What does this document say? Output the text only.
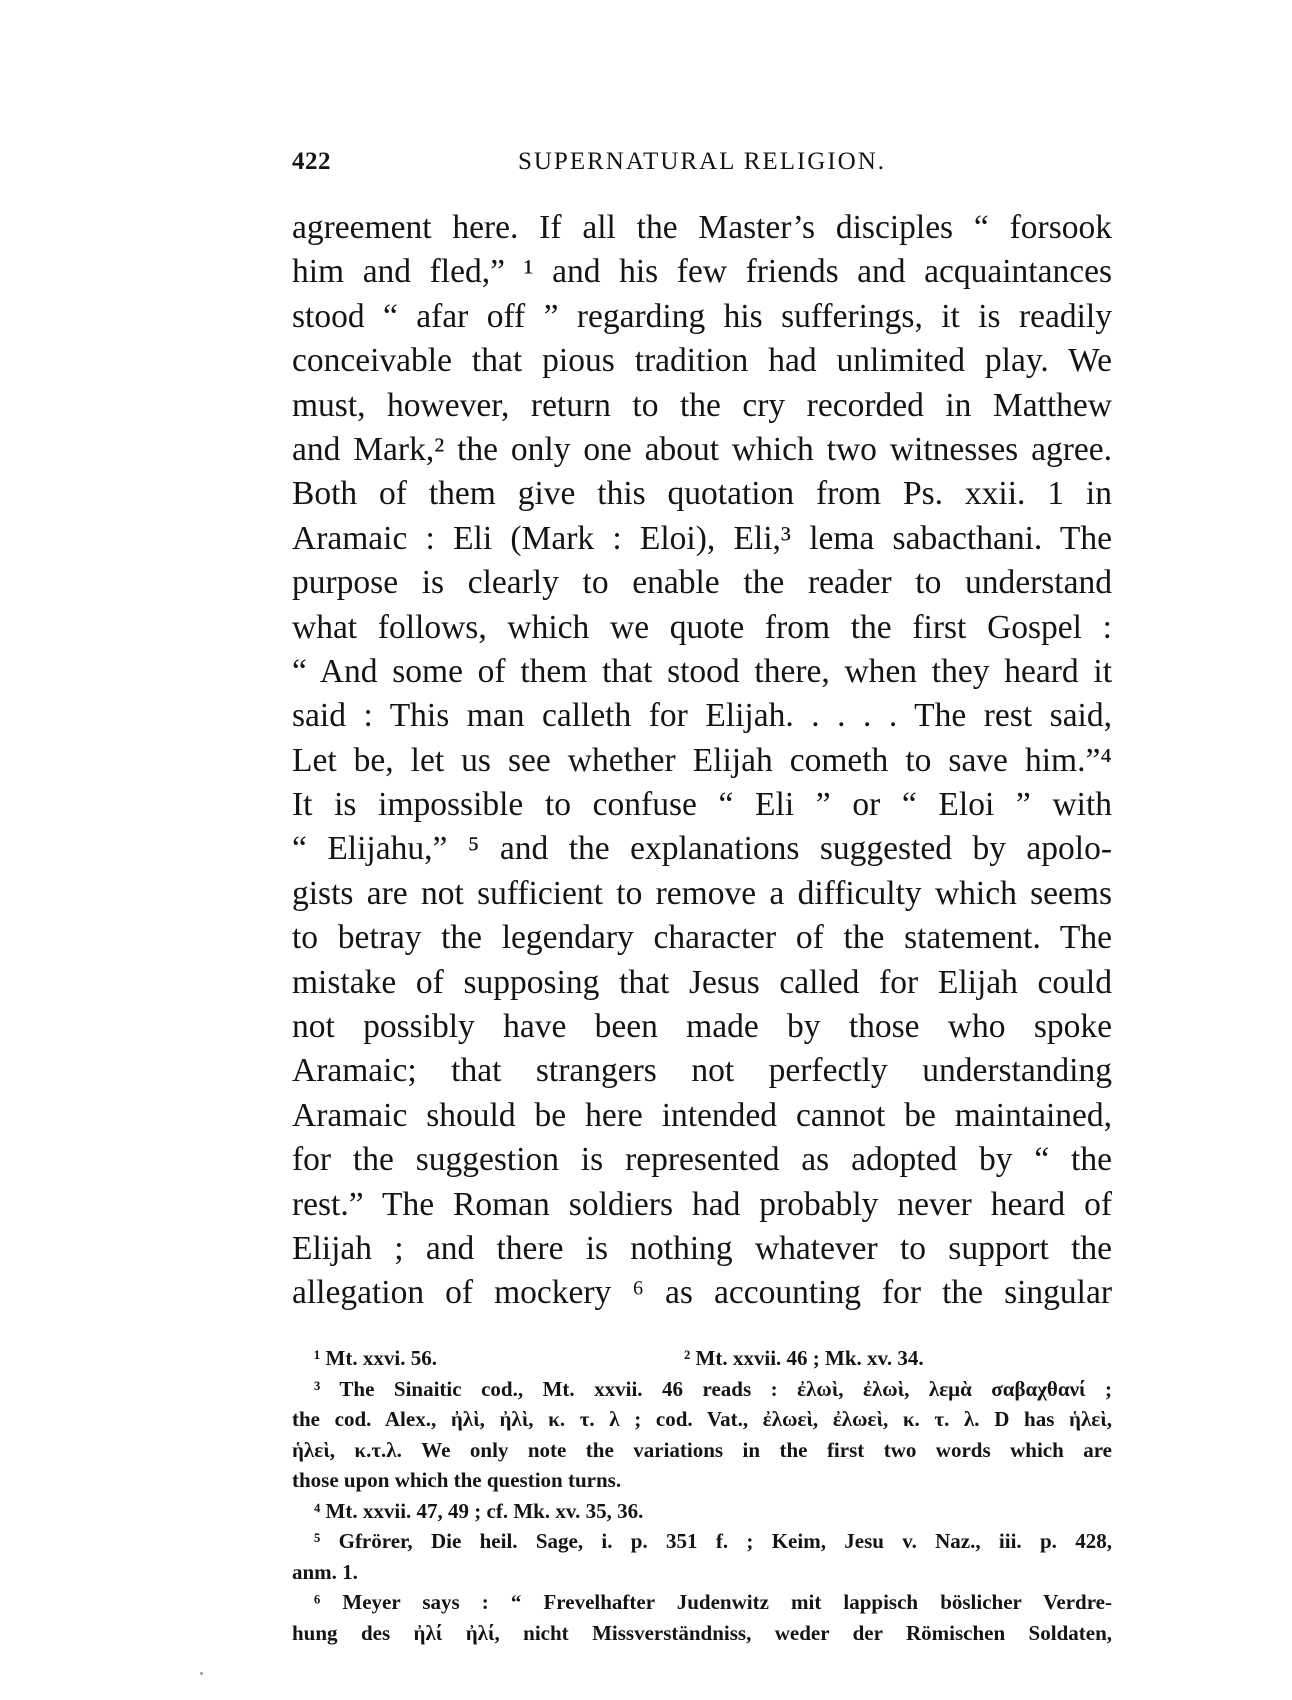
422	SUPERNATURAL RELIGION.
agreement here. If all the Master’s disciples “ forsook
him and fled,” ¹ and his few friends and acquaintances
stood “ afar off ” regarding his sufferings, it is readily
conceivable that pious tradition had unlimited play. We
must, however, return to the cry recorded in Matthew
and Mark,² the only one about which two witnesses agree.
Both of them give this quotation from Ps. xxii. 1 in
Aramaic : Eli (Mark : Eloi), Eli,³ lema sabacthani. The
purpose is clearly to enable the reader to understand
what follows, which we quote from the first Gospel :
“ And some of them that stood there, when they heard it
said : This man calleth for Elijah. . . . . The rest said,
Let be, let us see whether Elijah cometh to save him.”⁴
It is impossible to confuse “ Eli ” or “ Eloi ” with
“ Elijahu,” ⁵ and the explanations suggested by apolo-
gists are not sufficient to remove a difficulty which seems
to betray the legendary character of the statement. The
mistake of supposing that Jesus called for Elijah could
not possibly have been made by those who spoke
Aramaic; that strangers not perfectly understanding
Aramaic should be here intended cannot be maintained,
for the suggestion is represented as adopted by “ the
rest.” The Roman soldiers had probably never heard of
Elijah ; and there is nothing whatever to support the
allegation of mockery ⁶ as accounting for the singular
¹ Mt. xxvi. 56.	² Mt. xxvii. 46 ; Mk. xv. 34.
³ The Sinaitic cod., Mt. xxvii. 46 reads : ἐλωὶ, ἐλωὶ, λεμὰ σαβαχθανί ;
the cod. Alex., ἠλὶ, ἠλὶ, κ. τ. λ ; cod. Vat., ἐλωεὶ, ἐλωεὶ, κ. τ. λ. D has ἡλεὶ,
ἡλεὶ, κ.τ.λ. We only note the variations in the first two words which are
those upon which the question turns.
⁴ Mt. xxvii. 47, 49 ; cf. Mk. xv. 35, 36.
⁵ Gfrörer, Die heil. Sage, i. p. 351 f. ; Keim, Jesu v. Naz., iii. p. 428,
anm. 1.
⁶ Meyer says : “ Frevelhafter Judenwitz mit lappisch böslicher Verdre-
hung des ἠλί ἠλί, nicht Missverständniss, weder der Römischen Soldaten,
